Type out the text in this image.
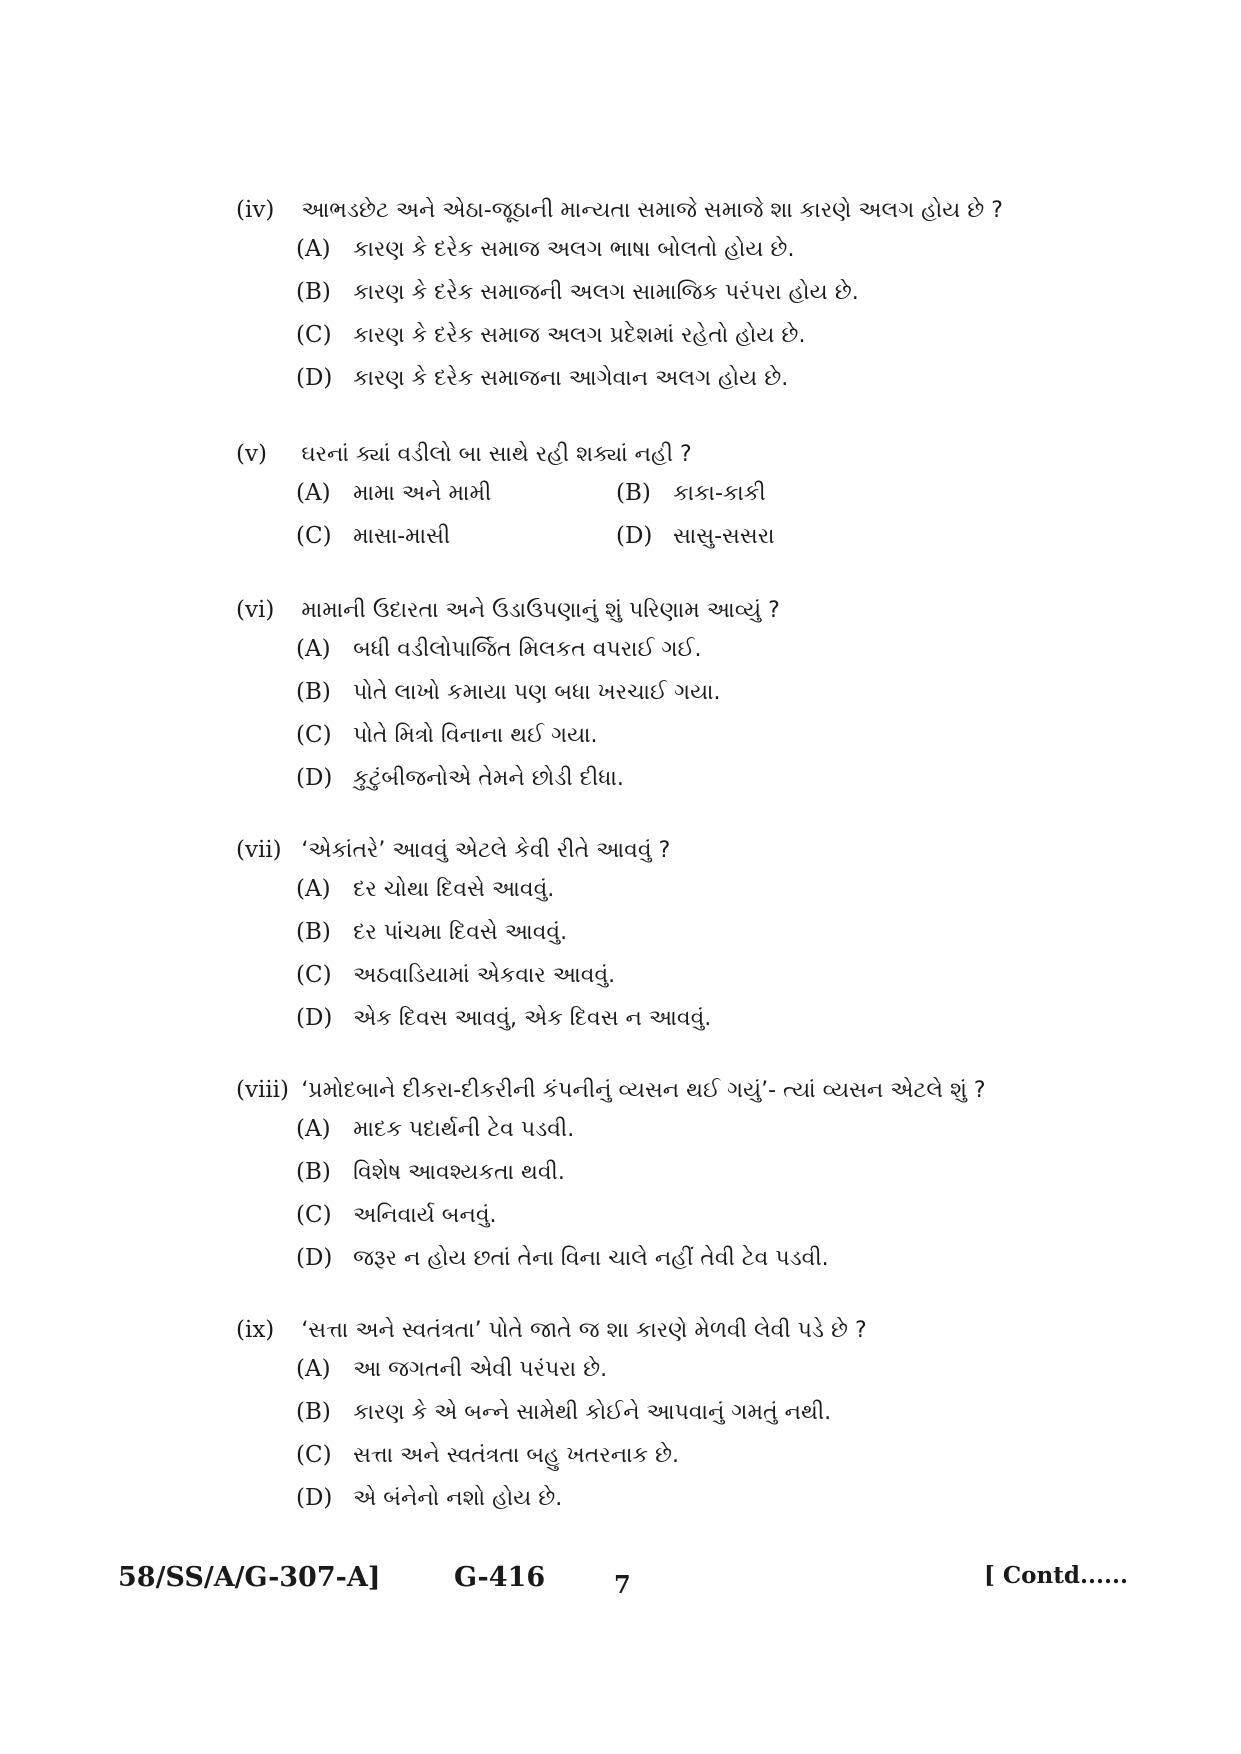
(iv) આભડછેટ અને એઠા-જૂઠાની માન્યતા સમાજે સમાજે શા કારણે અલગ હોય છે ?
(A) કારણ કે દરેક સમાજ અલગ ભાષા બોલતો હોય છે.
(B) કારણ કે દરેક સમાજની અલગ સામાજિક પરંપરા હોય છે.
(C) કારણ કે દરેક સમાજ અલગ પ્રદેશમાં રહેતો હોય છે.
(D) કારણ કે દરેક સમાજના આગેવાન અલગ હોય છે.
(v) ઘરનાં ક્યાં વડીલો બા સાથે રહી શક્યાં નહી ?
(A) મામા અને મામી	(B) કાકા-કાકી
(C) માસા-માસી	(D) સાસુ-સસરા
(vi) મામાની ઉદારતા અને ઉડાઉપણાનું શું પરિણામ આવ્યું ?
(A) બધી વડીલોપાર્જિત મિલકત વપરાઈ ગઈ.
(B) પોતે લાખો કમાયા પણ બધા ખરચાઈ ગયા.
(C) પોતે મિત્રો વિનાના થઈ ગયા.
(D) કુટુંબીજનોએ તેમને છોડી દીધા.
(vii) ‘એકાંતરે’ આવવું એટલે કેવી રીતે આવવું ?
(A) દર ચોથા દિવસે આવવું.
(B) દર પાંચમા દિવસે આવવું.
(C) અઠવાડિયામાં એકવાર આવવું.
(D) એક દિવસ આવવું, એક દિવસ ન આવવું.
(viii) ‘પ્રમોદબાને દીકરા-દીકરીની કંપનીનું વ્યસન થઈ ગયું’- ત્યાં વ્યસન એટલે શું ?
(A) માદક પદાર્થની ટેવ પડવી.
(B) વિશેષ આવશ્યકતા થવી.
(C) અનિવાર્ય બનવું.
(D) જરૂર ન હોય છતાં તેના વિના ચાલે નહીં તેવી ટેવ પડવી.
(ix) ‘સત્તા અને સ્વતંત્રતા’ પોતે જાતે જ શા કારણે મેળવી લેવી પડે છે ?
(A) આ જગતની એવી પરંપરા છે.
(B) કારણ કે એ બન્ને સામેથી કોઈને આપવાનું ગમતું નથી.
(C) સત્તા અને સ્વતંત્રતા બહુ ખતરનાક છે.
(D) એ બંનેનો નશો હોય છે.
58/SS/A/G-307-A]	G-416	7	[ Contd......
